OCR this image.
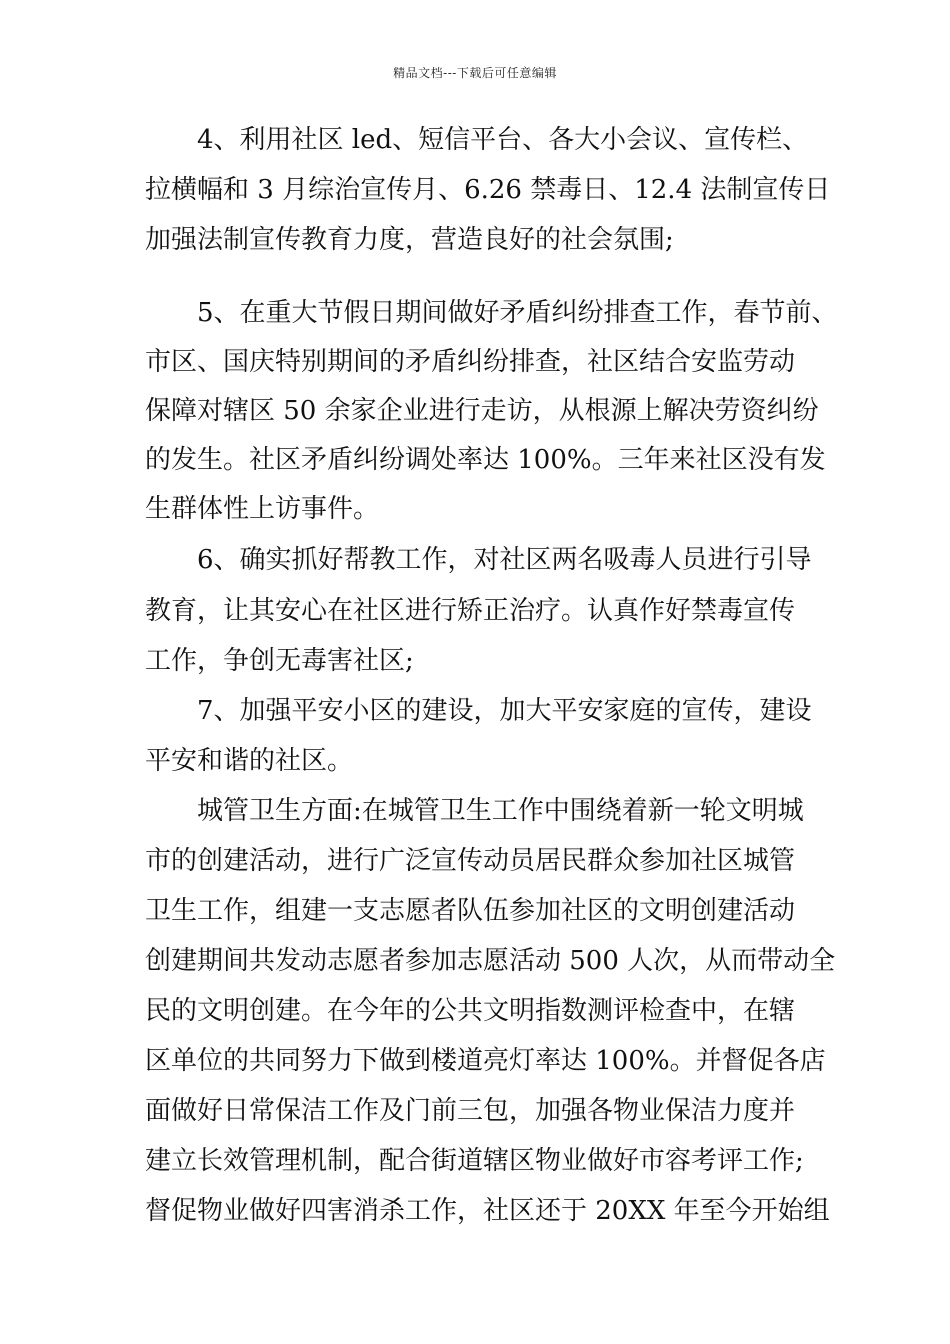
精品文档---下载后可任意编辑
4、利用社区 led、短信平台、各大小会议、宣传栏、
拉横幅和 3 月综治宣传月、6.26 禁毒日、12.4 法制宣传日
加强法制宣传教育力度，营造良好的社会氛围;
5、在重大节假日期间做好矛盾纠纷排查工作，春节前、
市区、国庆特别期间的矛盾纠纷排查，社区结合安监劳动
保障对辖区 50 余家企业进行走访，从根源上解决劳资纠纷
的发生。社区矛盾纠纷调处率达 100%。三年来社区没有发
生群体性上访事件。
6、确实抓好帮教工作，对社区两名吸毒人员进行引导
教育，让其安心在社区进行矫正治疗。认真作好禁毒宣传
工作，争创无毒害社区;
7、加强平安小区的建设，加大平安家庭的宣传，建设
平安和谐的社区。
城管卫生方面:在城管卫生工作中围绕着新一轮文明城
市的创建活动，进行广泛宣传动员居民群众参加社区城管
卫生工作，组建一支志愿者队伍参加社区的文明创建活动
创建期间共发动志愿者参加志愿活动 500 人次，从而带动全
民的文明创建。在今年的公共文明指数测评检查中，在辖
区单位的共同努力下做到楼道亮灯率达 100%。并督促各店
面做好日常保洁工作及门前三包，加强各物业保洁力度并
建立长效管理机制，配合街道辖区物业做好市容考评工作;
督促物业做好四害消杀工作，社区还于 20XX 年至今开始组
